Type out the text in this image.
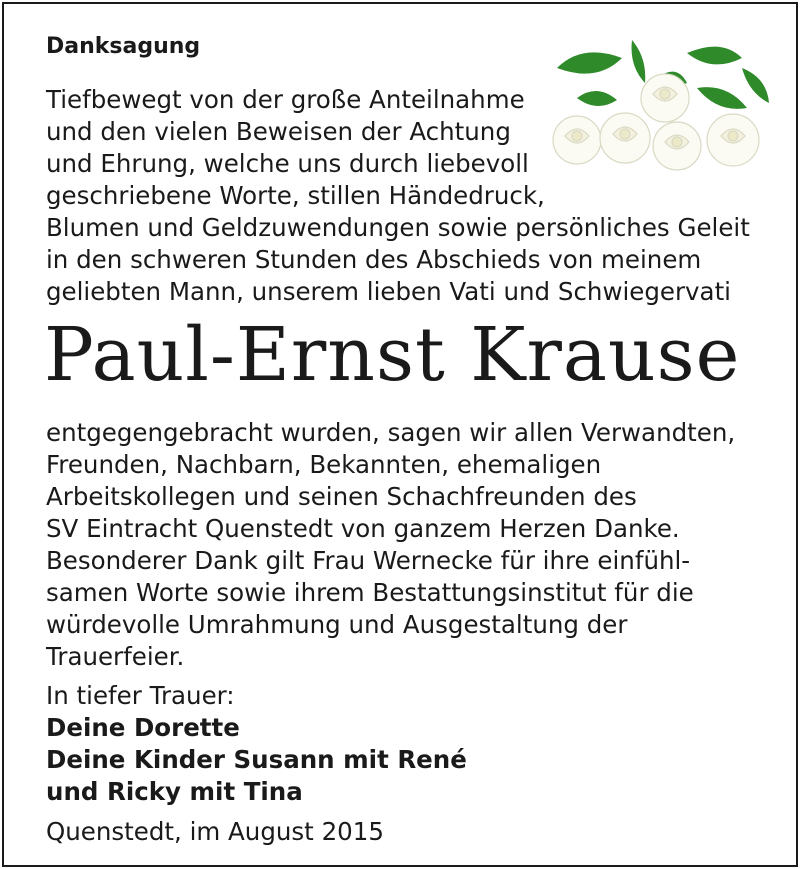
Danksagung
Tiefbewegt von der große Anteilnahme
und den vielen Beweisen der Achtung
und Ehrung, welche uns durch liebevoll
geschriebene Worte, stillen Händedruck,
Blumen und Geldzuwendungen sowie persönliches Geleit
in den schweren Stunden des Abschieds von meinem
geliebten Mann, unserem lieben Vati und Schwiegervati
Paul-Ernst Krause
entgegengebracht wurden, sagen wir allen Verwandten,
Freunden, Nachbarn, Bekannten, ehemaligen
Arbeitskollegen und seinen Schachfreunden des
SV Eintracht Quenstedt von ganzem Herzen Danke.
Besonderer Dank gilt Frau Wernecke für ihre einfühl-
samen Worte sowie ihrem Bestattungsinstitut für die
würdevolle Umrahmung und Ausgestaltung der
Trauerfeier.
In tiefer Trauer:
Deine Dorette
Deine Kinder Susann mit René
und Ricky mit Tina
Quenstedt, im August 2015
